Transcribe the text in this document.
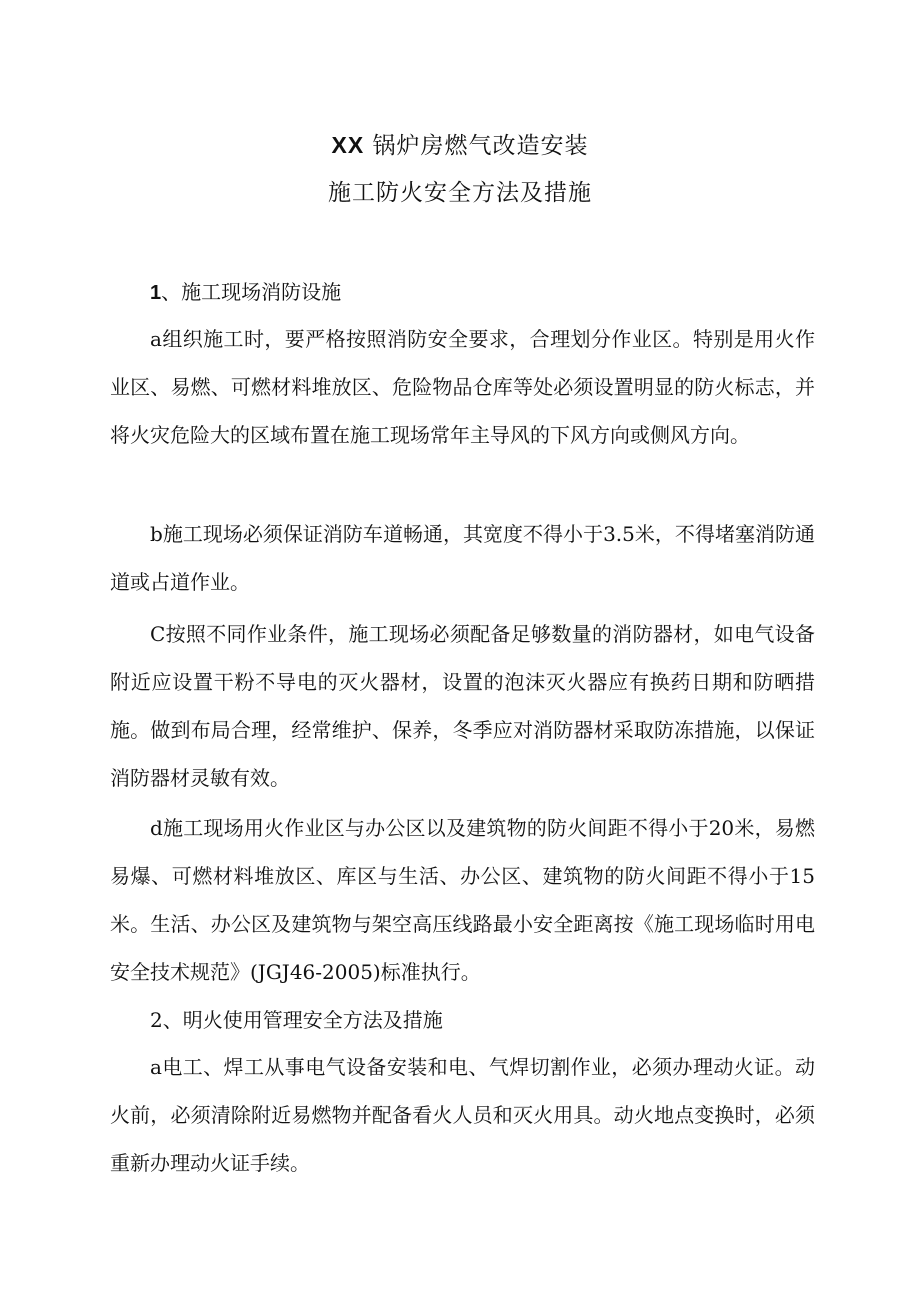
XX 锅炉房燃气改造安装
施工防火安全方法及措施
1、施工现场消防设施

a组织施工时，要严格按照消防安全要求，合理划分作业区。特别是用火作业区、易燃、可燃材料堆放区、危险物品仓库等处必须设置明显的防火标志，并将火灾危险大的区域布置在施工现场常年主导风的下风方向或侧风方向。

b施工现场必须保证消防车道畅通，其宽度不得小于3.5米，不得堵塞消防通道或占道作业。

C按照不同作业条件，施工现场必须配备足够数量的消防器材，如电气设备附近应设置干粉不导电的灭火器材，设置的泡沫灭火器应有换药日期和防晒措施。做到布局合理，经常维护、保养，冬季应对消防器材采取防冻措施，以保证消防器材灵敏有效。

d施工现场用火作业区与办公区以及建筑物的防火间距不得小于20米，易燃易爆、可燃材料堆放区、库区与生活、办公区、建筑物的防火间距不得小于15米。生活、办公区及建筑物与架空高压线路最小安全距离按《施工现场临时用电安全技术规范》(JGJ46-2005)标准执行。

2、明火使用管理安全方法及措施

a电工、焊工从事电气设备安装和电、气焊切割作业，必须办理动火证。动火前，必须清除附近易燃物并配备看火人员和灭火用具。动火地点变换时，必须重新办理动火证手续。
